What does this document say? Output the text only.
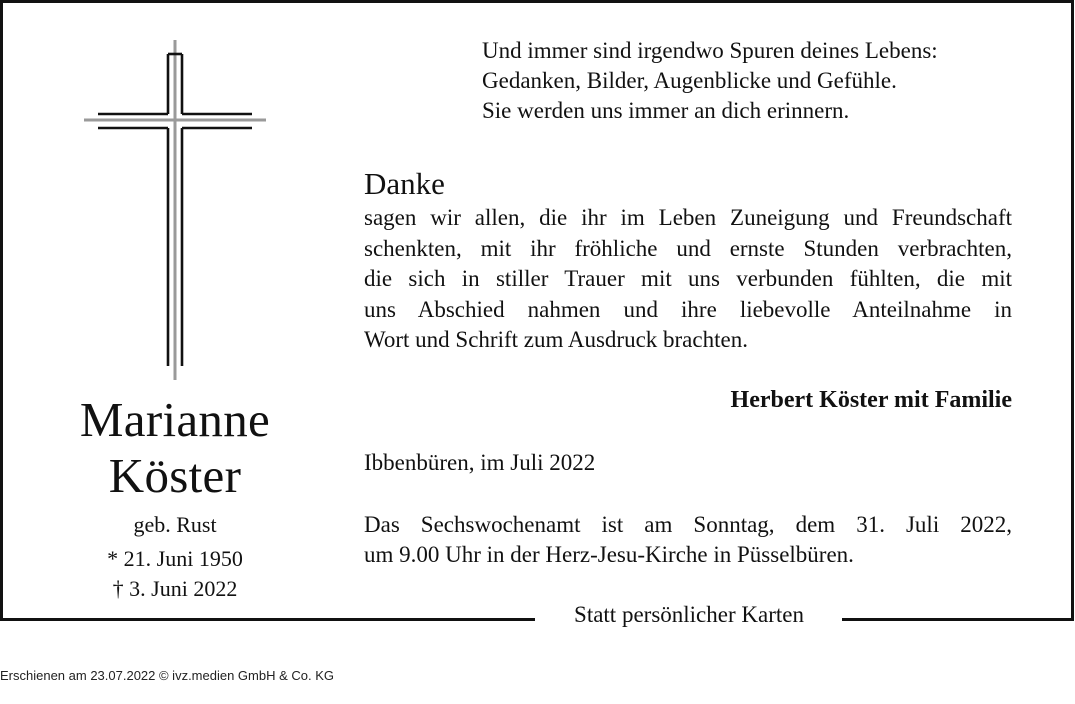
Marianne
Köster
geb. Rust
* 21. Juni 1950
† 3. Juni 2022
Und immer sind irgendwo Spuren deines Lebens:
Gedanken, Bilder, Augenblicke und Gefühle.
Sie werden uns immer an dich erinnern.
Danke
sagen wir allen, die ihr im Leben Zuneigung und Freundschaft
schenkten, mit ihr fröhliche und ernste Stunden verbrachten,
die sich in stiller Trauer mit uns verbunden fühlten, die mit
uns Abschied nahmen und ihre liebevolle Anteilnahme in
Wort und Schrift zum Ausdruck brachten.
Herbert Köster mit Familie
Ibbenbüren, im Juli 2022
Das Sechswochenamt ist am Sonntag, dem 31. Juli 2022,
um 9.00 Uhr in der Herz-Jesu-Kirche in Püsselbüren.
Statt persönlicher Karten
Erschienen am 23.07.2022 © ivz.medien GmbH & Co. KG
